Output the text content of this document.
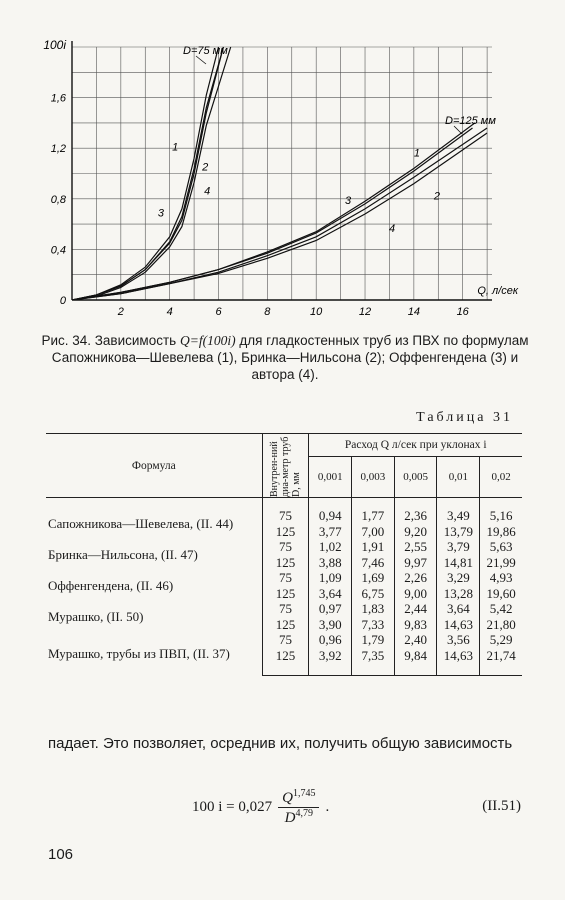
0
0,4
0,8
1,2
1,6
2	4	6	8	10	12	14	16
100i
Q, л/сек
1
2
3
4
1
2
3
4
D=75 мм
D=125 мм
Рис. 34. Зависимость Q=f(100i) для гладкостенных труб из ПВХ по формулам Сапожникова—Шевелева (1), Бринка—Нильсона (2); Оффенгендена (3) и автора (4).
Таблица 31
Формула	Внутрен-ний диа-метр труб D, мм	Расход Q л/сек при уклонах i				
		0,001	0,003	0,005	0,01	0,02

Сапожникова—Шевелева, (II. 44)	75	0,94	1,77	2,36	3,49	5,16
	125	3,77	7,00	9,20	13,79	19,86
Бринка—Нильсона, (II. 47)	75	1,02	1,91	2,55	3,79	5,63
	125	3,88	7,46	9,97	14,81	21,99
Оффенгендена, (II. 46)	75	1,09	1,69	2,26	3,29	4,93
	125	3,64	6,75	9,00	13,28	19,60
Мурашко, (II. 50)	75	0,97	1,83	2,44	3,64	5,42
	125	3,90	7,33	9,83	14,63	21,80
Мурашко, трубы из ПВП, (II. 37)	75	0,96	1,79	2,40	3,56	5,29
	125	3,92	7,35	9,84	14,63	21,74
падает. Это позволяет, осреднив их, получить общую зависимость
100 $i = 0,027 \frac{Q^{1,745}}{D^{4,79}}$ .	(II.51)
106
